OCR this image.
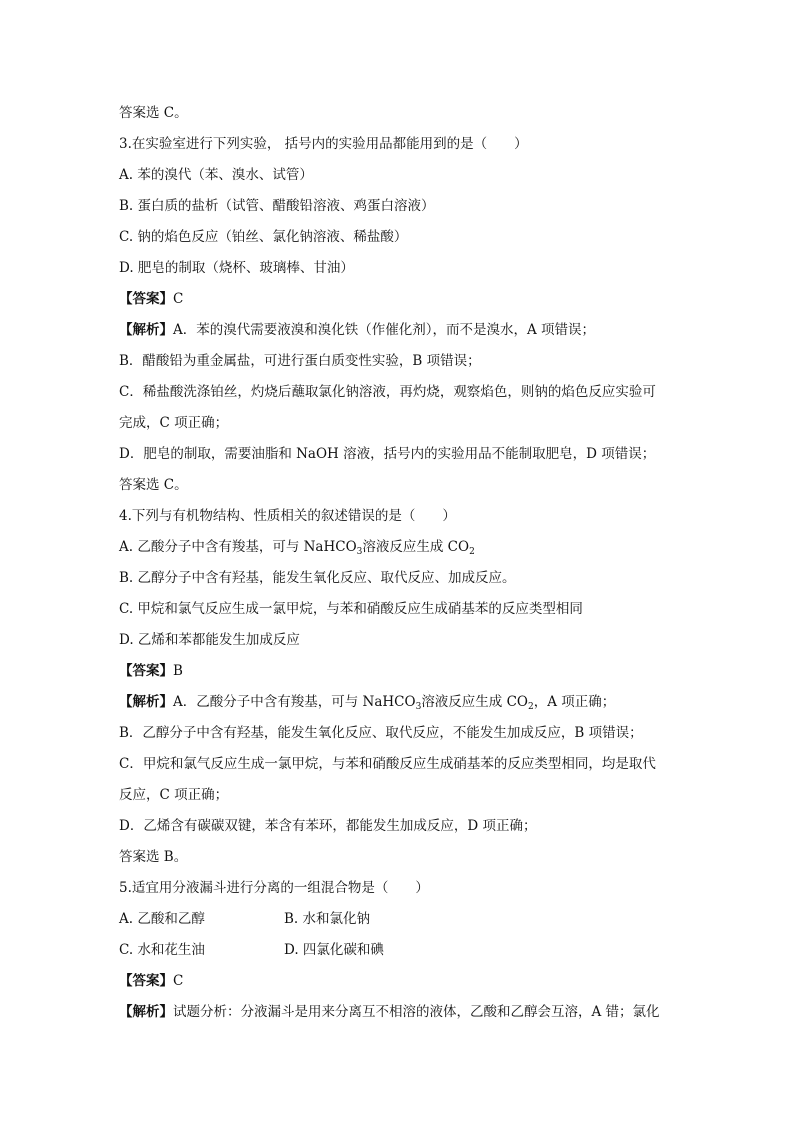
答案选 C。
3.在实验室进行下列实验， 括号内的实验用品都能用到的是（　　）
A. 苯的溴代（苯、溴水、试管）
B. 蛋白质的盐析（试管、醋酸铅溶液、鸡蛋白溶液）
C. 钠的焰色反应（铂丝、氯化钠溶液、稀盐酸）
D. 肥皂的制取（烧杯、玻璃棒、甘油）
【答案】C
【解析】A．苯的溴代需要液溴和溴化铁（作催化剂），而不是溴水，A 项错误；
B．醋酸铅为重金属盐，可进行蛋白质变性实验，B 项错误；
C．稀盐酸洗涤铂丝，灼烧后蘸取氯化钠溶液，再灼烧，观察焰色，则钠的焰色反应实验可
完成，C 项正确；
D．肥皂的制取，需要油脂和 NaOH 溶液，括号内的实验用品不能制取肥皂，D 项错误；
答案选 C。
4.下列与有机物结构、性质相关的叙述错误的是（　　）
A. 乙酸分子中含有羧基，可与 NaHCO$_3$溶液反应生成 $CO_2$
B. 乙醇分子中含有羟基，能发生氧化反应、取代反应、加成反应。
C. 甲烷和氯气反应生成一氯甲烷，与苯和硝酸反应生成硝基苯的反应类型相同
D. 乙烯和苯都能发生加成反应
【答案】B
【解析】A．乙酸分子中含有羧基，可与 NaHCO$_3$溶液反应生成 $CO_2$，A 项正确；
B．乙醇分子中含有羟基，能发生氧化反应、取代反应，不能发生加成反应，B 项错误；
C．甲烷和氯气反应生成一氯甲烷，与苯和硝酸反应生成硝基苯的反应类型相同，均是取代
反应，C 项正确；
D．乙烯含有碳碳双键，苯含有苯环，都能发生加成反应，D 项正确；
答案选 B。
5.适宜用分液漏斗进行分离的一组混合物是（　　）
A. 乙酸和乙醇	B. 水和氯化钠
C. 水和花生油	D. 四氯化碳和碘
【答案】C
【解析】试题分析：分液漏斗是用来分离互不相溶的液体，乙酸和乙醇会互溶，A 错；氯化
